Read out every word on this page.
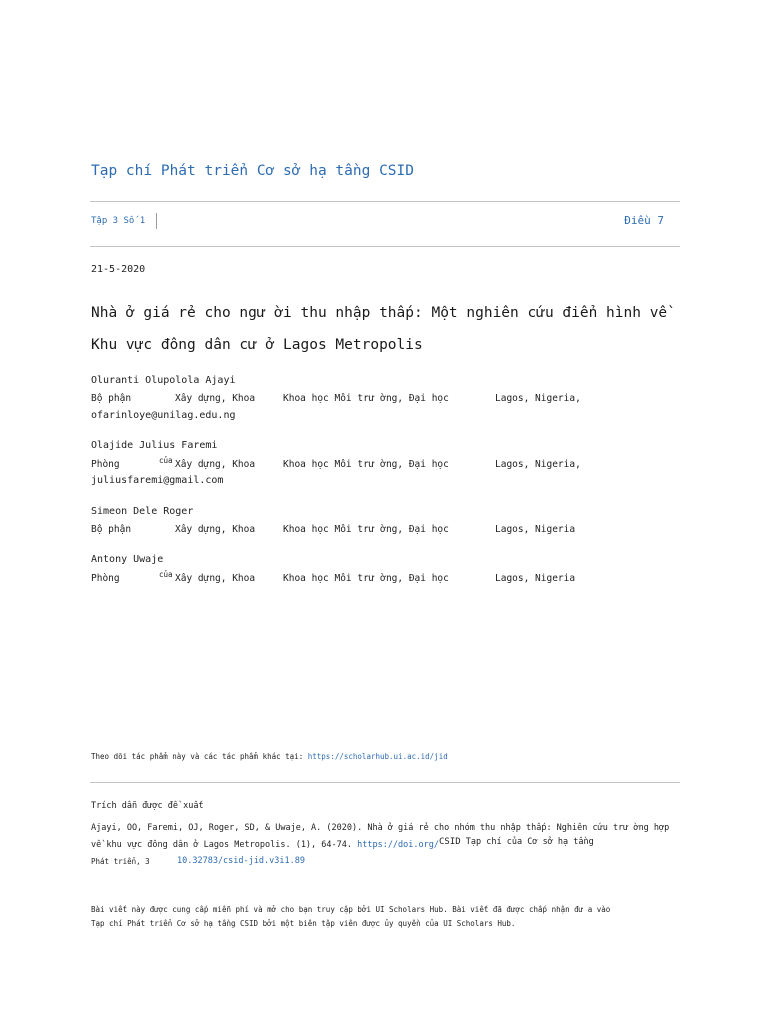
Tạp chí Phát triển Cơ sở hạ tầng CSID
Tập 3 Số 1	Điều 7
21-5-2020
Nhà ở giá rẻ cho ngư ời thu nhập thấp: Một nghiên cứu điển hình về
Khu vực đông dân cư ở Lagos Metropolis
Oluranti Olupolola Ajayi
Bộ phận	Xây dựng, Khoa	Khoa học Môi trư ờng, Đại học	Lagos, Nigeria,
ofarinloye@unilag.edu.ng
Olajide Julius Faremi
Phòng	của Xây dựng, Khoa	Khoa học Môi trư ờng, Đại học	Lagos, Nigeria,
juliusfaremi@gmail.com
Simeon Dele Roger
Bộ phận	Xây dựng, Khoa	Khoa học Môi trư ờng, Đại học	Lagos, Nigeria
Antony Uwaje
Phòng	của Xây dựng, Khoa	Khoa học Môi trư ờng, Đại học	Lagos, Nigeria
Theo dõi tác phẩm này và các tác phẩm khác tại: https://scholarhub.ui.ac.id/jid
Trích dẫn được đề xuất
Ajayi, OO, Faremi, OJ, Roger, SD, & Uwaje, A. (2020). Nhà ở giá rẻ cho nhóm thu nhập thấp: Nghiên cứu trư ờng hợp
về khu vực đông dân ở Lagos Metropolis. (1), 64-74. https://doi.org/CSID Tạp chí của Cơ sở hạ tầng
Phát triển, 3	10.32783/csid-jid.v3i1.89
Bài viết này được cung cấp miễn phí và mở cho bạn truy cập bởi UI Scholars Hub. Bài viết đã được chấp nhận đư a vào
Tạp chí Phát triển Cơ sở hạ tầng CSID bởi một biên tập viên được ủy quyền của UI Scholars Hub.
